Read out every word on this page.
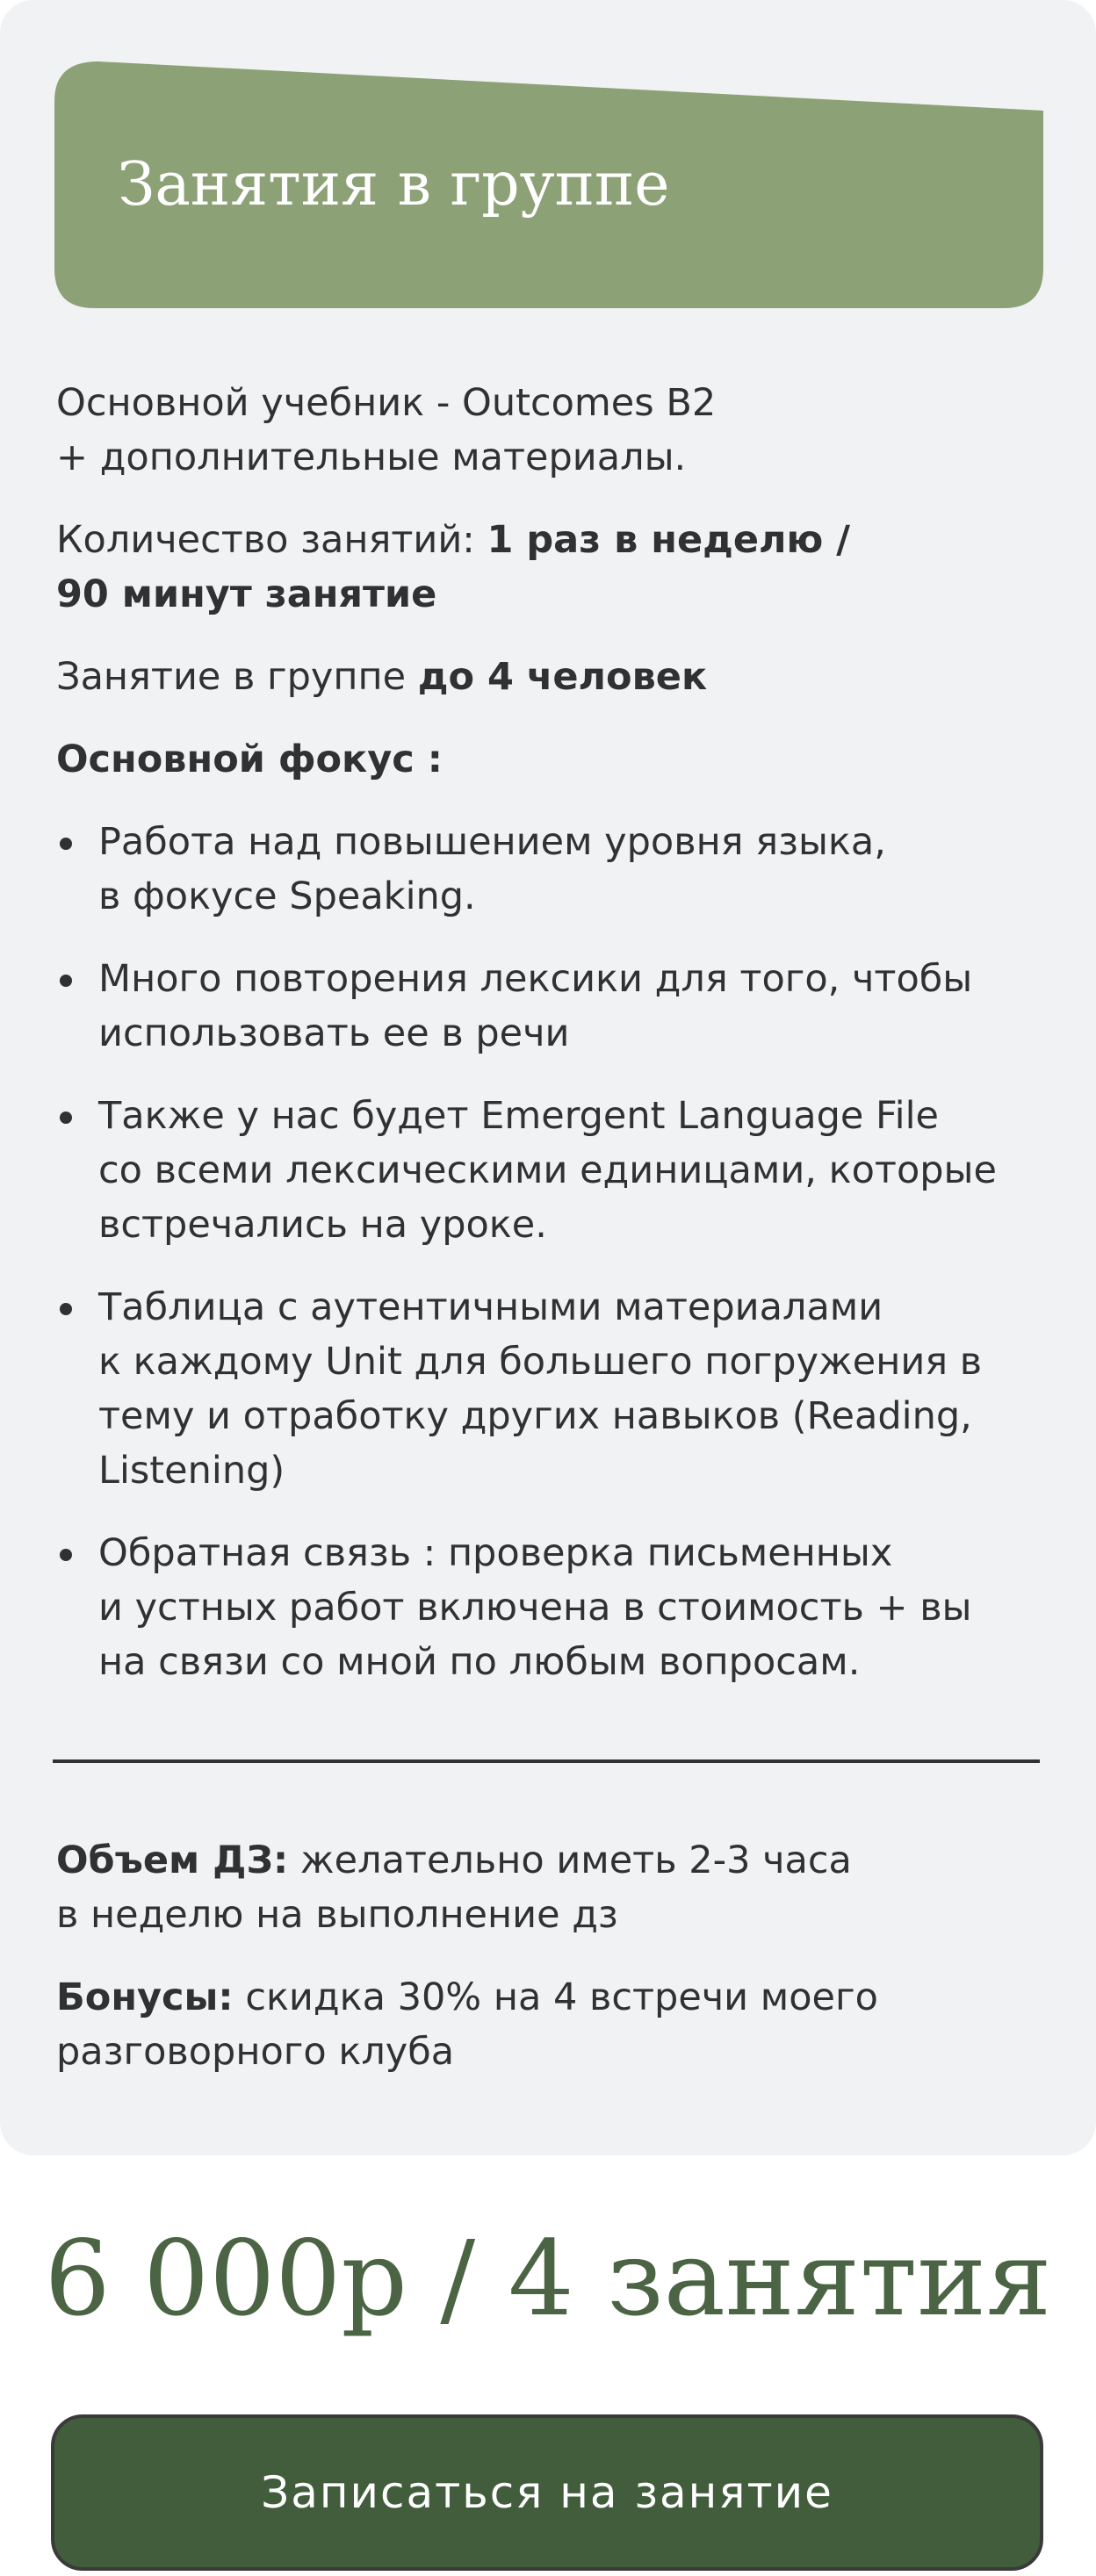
Занятия в группе

Основной учебник - Outcomes B2
+ дополнительные материалы.

Количество занятий: 1 раз в неделю /
90 минут занятие

Занятие в группе до 4 человек

Основной фокус :

Работа над повышением уровня языка,
в фокусе Speaking.
Много повторения лексики для того, чтобы
использовать ее в речи
Также у нас будет Emergent Language File
со всеми лексическими единицами, которые
встречались на уроке.
Таблица с аутентичными материалами
к каждому Unit для большего погружения в
тему и отработку других навыков (Reading,
Listening)
Обратная связь : проверка письменных
и устных работ включена в стоимость + вы
на связи со мной по любым вопросам.

Объем ДЗ: желательно иметь 2-3 часа
в неделю на выполнение дз

Бонусы: скидка 30% на 4 встречи моего
разговорного клуба

6 000р / 4 занятия
Записаться на занятие
